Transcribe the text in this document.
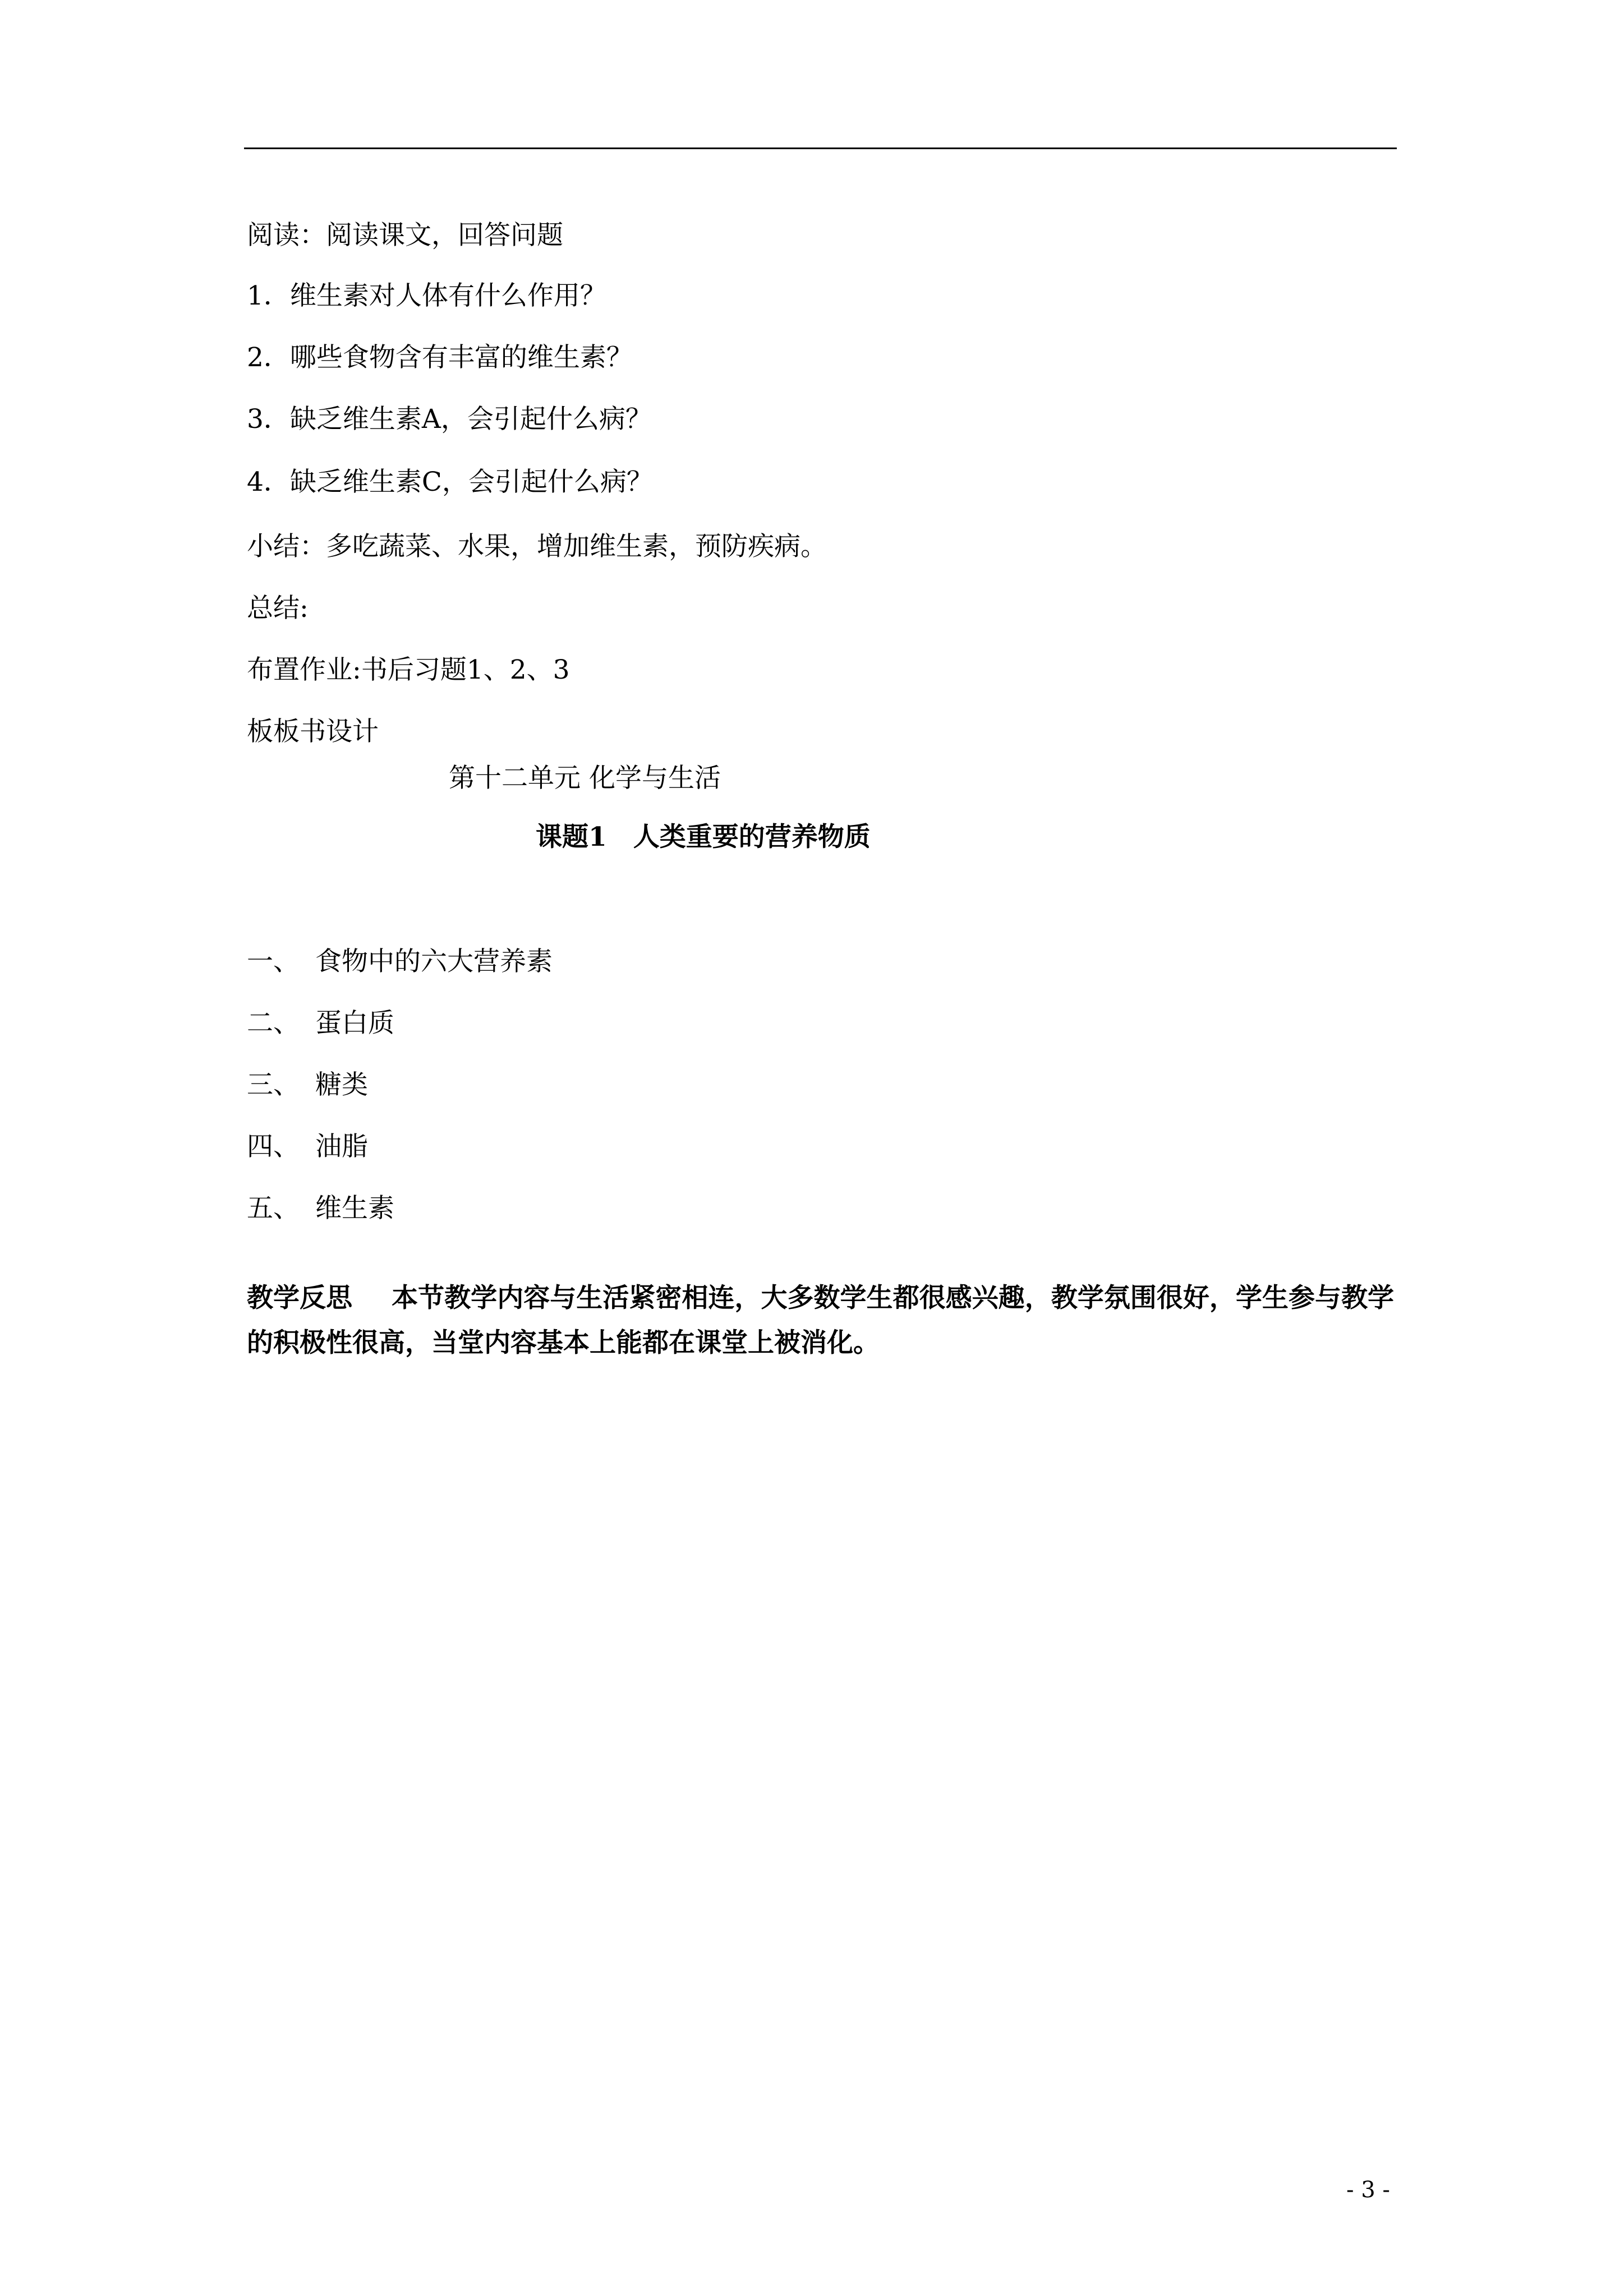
阅读：阅读课文，回答问题
1．维生素对人体有什么作用？
2．哪些食物含有丰富的维生素？
3．缺乏维生素A，会引起什么病？
4．缺乏维生素C，会引起什么病？
小结：多吃蔬菜、水果，增加维生素，预防疾病。
总结:
布置作业:书后习题1、2、3
板板书设计
第十二单元 化学与生活
课题1　人类重要的营养物质
一、 食物中的六大营养素
二、 蛋白质
三、 糖类
四、 油脂
五、 维生素
教学反思 本节教学内容与生活紧密相连，大多数学生都很感兴趣，教学氛围很好，学生参与教学的积极性很高，当堂内容基本上能都在课堂上被消化。
- 3 -
